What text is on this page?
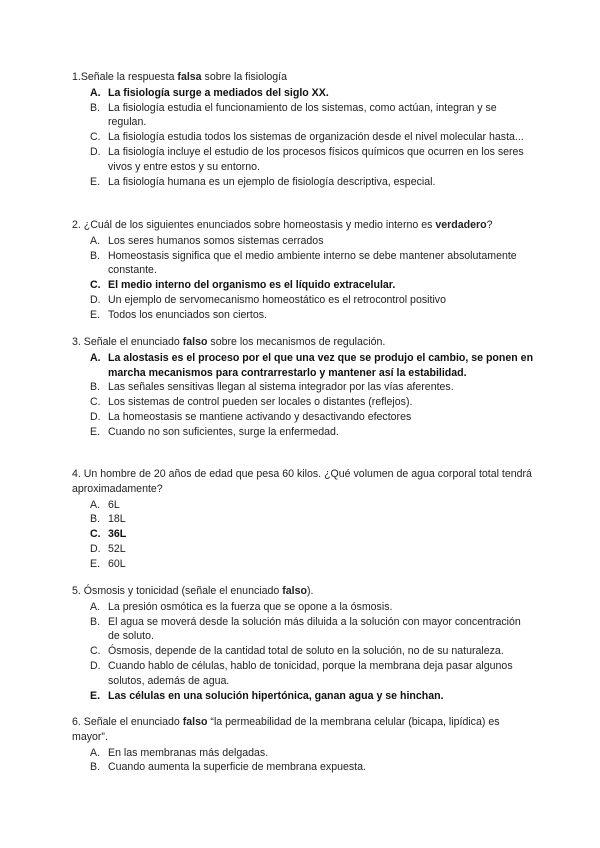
1.Señale la respuesta falsa sobre la fisiología

A. La fisiología surge a mediados del siglo XX.
B. La fisiología estudia el funcionamiento de los sistemas, como actúan, integran y se regulan.
C. La fisiología estudia todos los sistemas de organización desde el nivel molecular hasta...
D. La fisiología incluye el estudio de los procesos físicos químicos que ocurren en los seres vivos y entre estos y su entorno.
E. La fisiología humana es un ejemplo de fisiología descriptiva, especial.

2. ¿Cuál de los siguientes enunciados sobre homeostasis y medio interno es verdadero?

A. Los seres humanos somos sistemas cerrados
B. Homeostasis significa que el medio ambiente interno se debe mantener absolutamente constante.
C. El medio interno del organismo es el líquido extracelular.
D. Un ejemplo de servomecanismo homeostático es el retrocontrol positivo
E. Todos los enunciados son ciertos.

3. Señale el enunciado falso sobre los mecanismos de regulación.

A. La alostasis es el proceso por el que una vez que se produjo el cambio, se ponen en marcha mecanismos para contrarrestarlo y mantener así la estabilidad.
B. Las señales sensitivas llegan al sistema integrador por las vías aferentes.
C. Los sistemas de control pueden ser locales o distantes (reflejos).
D. La homeostasis se mantiene activando y desactivando efectores
E. Cuando no son suficientes, surge la enfermedad.

4. Un hombre de 20 años de edad que pesa 60 kilos. ¿Qué volumen de agua corporal total tendrá aproximadamente?

A. 6L
B. 18L
C. 36L
D. 52L
E. 60L

5. Ósmosis y tonicidad (señale el enunciado falso).

A. La presión osmótica es la fuerza que se opone a la ósmosis.
B. El agua se moverá desde la solución más diluida a la solución con mayor concentración de soluto.
C. Ósmosis, depende de la cantidad total de soluto en la solución, no de su naturaleza.
D. Cuando hablo de células, hablo de tonicidad, porque la membrana deja pasar algunos solutos, además de agua.
E. Las células en una solución hipertónica, ganan agua y se hinchan.

6. Señale el enunciado falso “la permeabilidad de la membrana celular (bicapa, lipídica) es mayor”.

A. En las membranas más delgadas.
B. Cuando aumenta la superficie de membrana expuesta.
